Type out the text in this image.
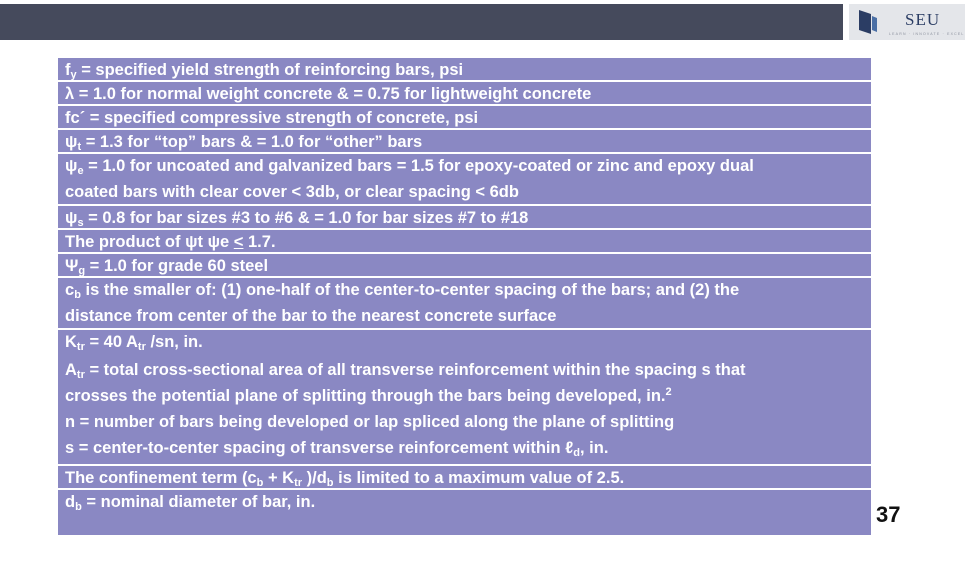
SEU
LEARN · INNOVATE · EXCEL
$f_y$ = specified yield strength of reinforcing bars, psi
λ = 1.0 for normal weight concrete & = 0.75 for lightweight concrete
fc´ = specified compressive strength of concrete, psi
$\psi_t = 1.3$ for “top” bars & = 1.0 for “other” bars
$\psi_e = 1.0$ for uncoated and galvanized bars = 1.5 for epoxy-coated or zinc and epoxy dual
coated bars with clear cover < 3db, or clear spacing < 6db
$\psi_s = 0.8$ for bar sizes #3 to #6 & = 1.0 for bar sizes #7 to #18
The product of ψt ψe < 1.7.
$\Psi_g = 1.0$ for grade 60 steel
$c_b$ is the smaller of: (1) one-half of the center-to-center spacing of the bars; and (2) the
distance from center of the bar to the nearest concrete surface
$K_{tr} = 40$ $A_{tr}$ /sn, in.
$A_{tr}$ = total cross-sectional area of all transverse reinforcement within the spacing s that
crosses the potential plane of splitting through the bars being developed, in.$^2$
n = number of bars being developed or lap spliced along the plane of splitting
s = center-to-center spacing of transverse reinforcement within ℓ$_d$, in.
The confinement term ($c_b + K_{tr}$ )$/d_b$ is limited to a maximum value of 2.5.
$d_b$ = nominal diameter of bar, in.	37
